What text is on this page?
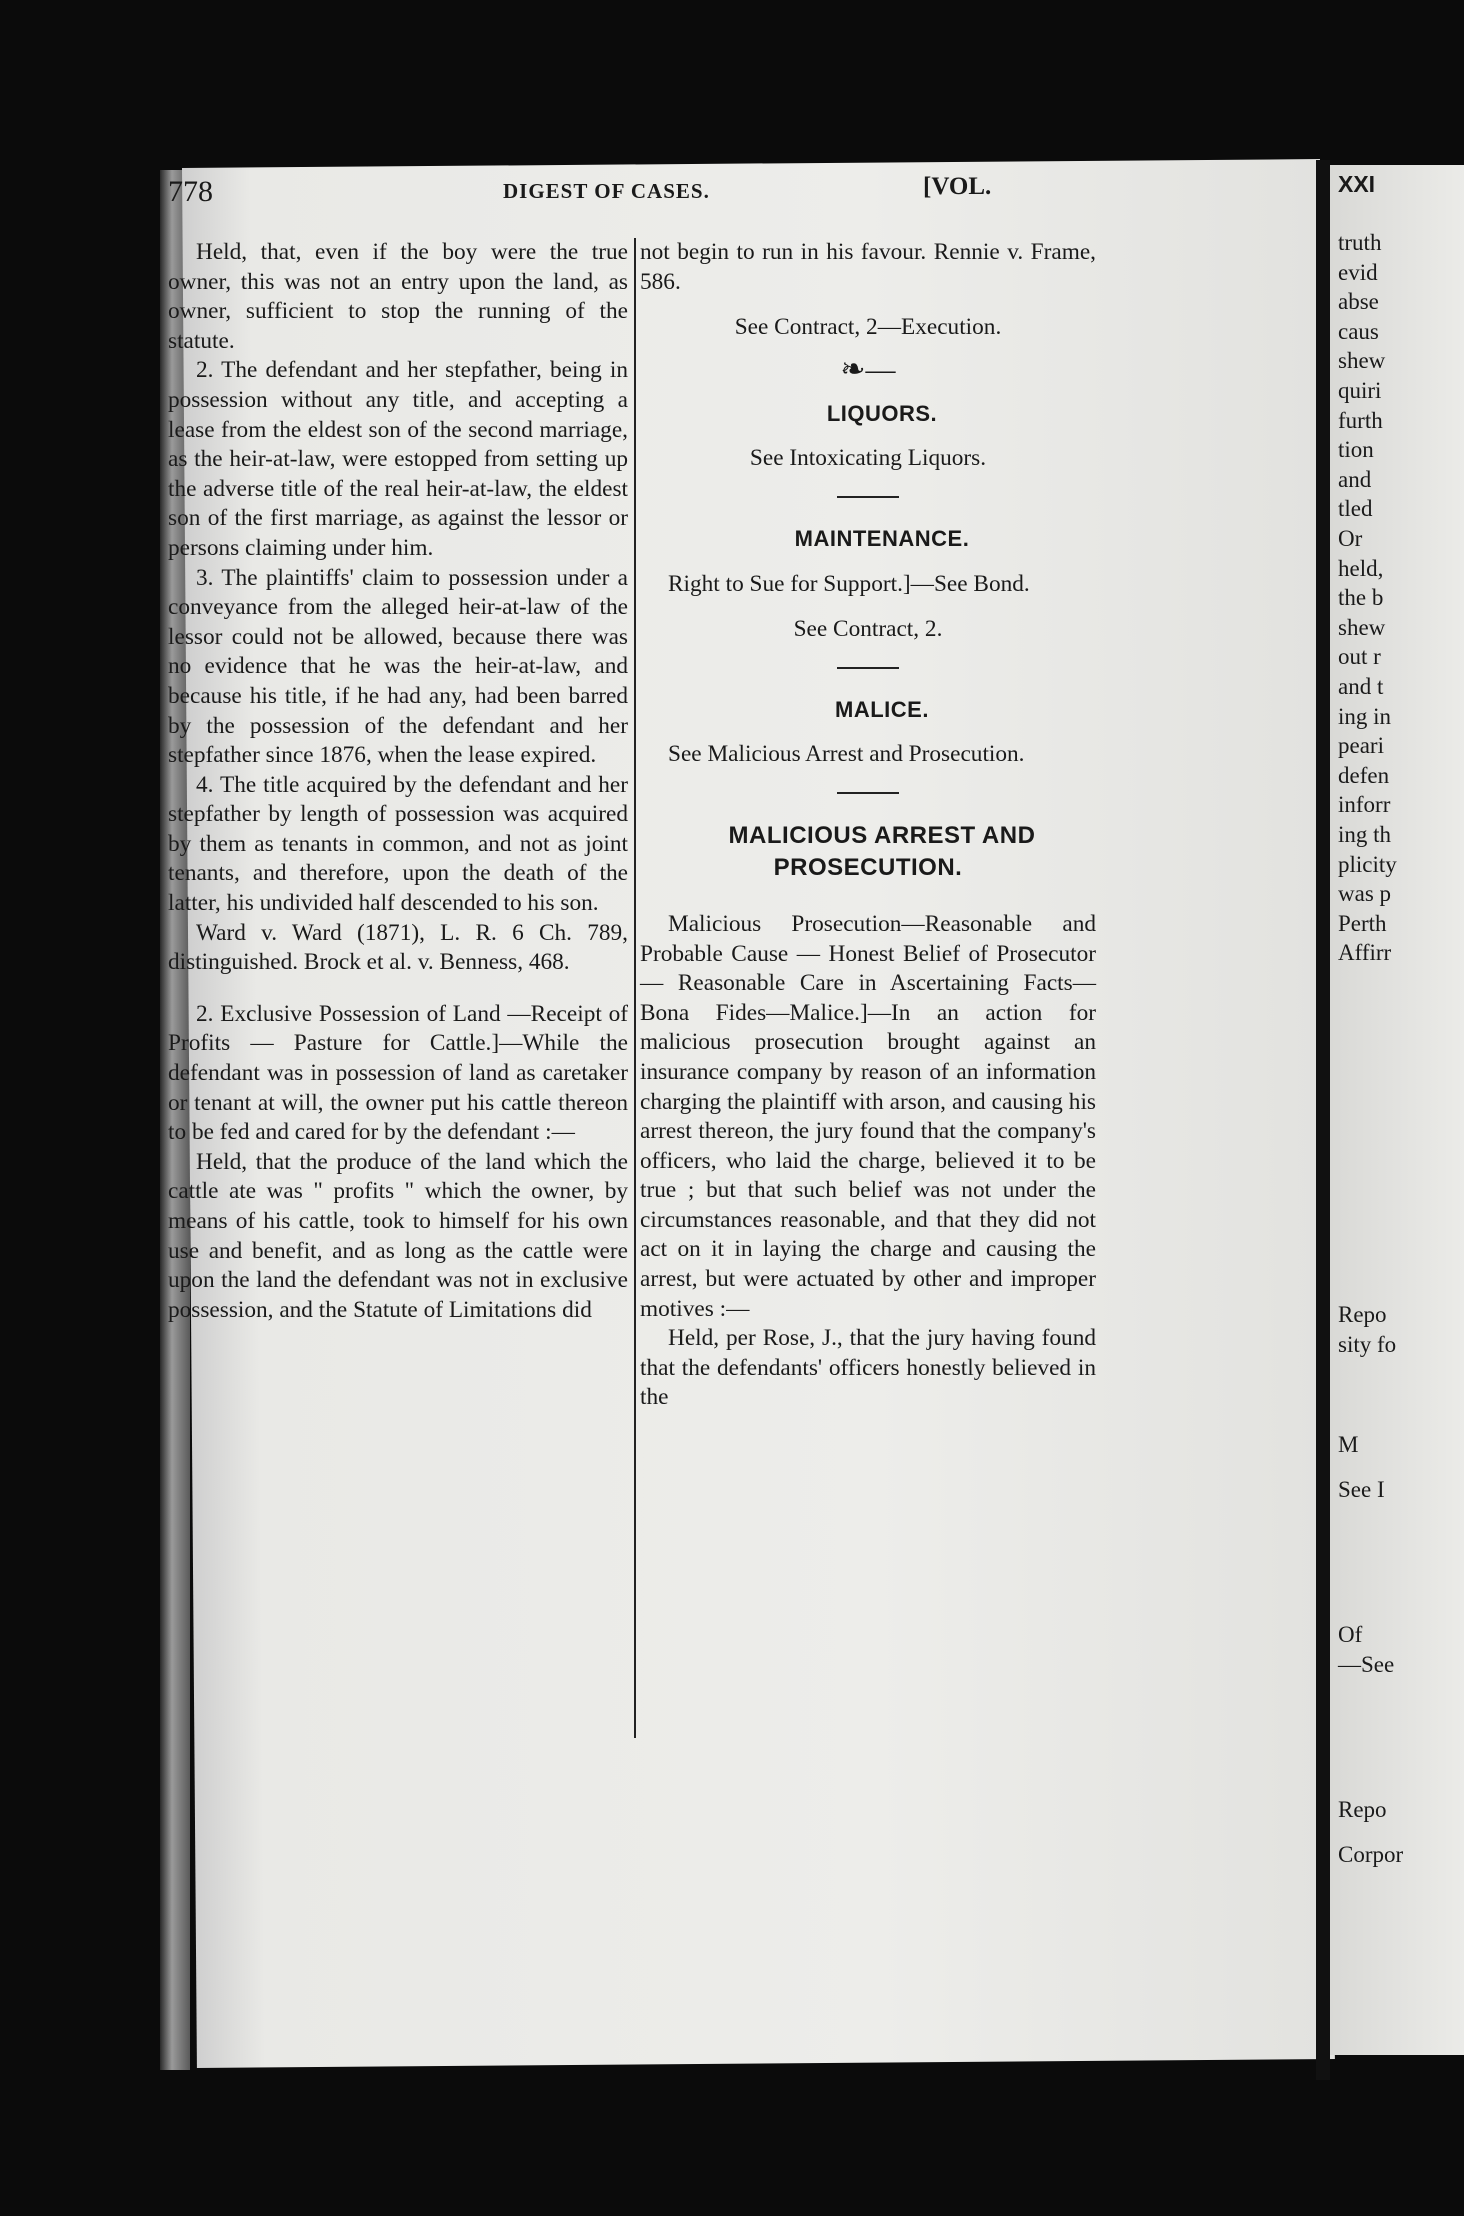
XXI
truth
evid
abse
caus
shew
quiri
furth
tion
and
tled
Or
held,
the b
shew
out r
and t
ing in
peari
defen
inforr
ing th
plicity
was p
Perth
Affirr
Repo
sity fo
M
See I
Of
—See
Repo
Corpor
778	DIGEST OF CASES.	[VOL.

Held, that, even if the boy were the true owner, this was not an entry upon the land, as owner, sufficient to stop the running of the statute.

2. The defendant and her stepfather, being in possession without any title, and accepting a lease from the eldest son of the second marriage, as the heir-at-law, were estopped from setting up the adverse title of the real heir-at-law, the eldest son of the first marriage, as against the lessor or persons claiming under him.

3. The plaintiffs' claim to possession under a conveyance from the alleged heir-at-law of the lessor could not be allowed, because there was no evidence that he was the heir-at-law, and because his title, if he had any, had been barred by the possession of the defendant and her stepfather since 1876, when the lease expired.

4. The title acquired by the defendant and her stepfather by length of possession was acquired by them as tenants in common, and not as joint tenants, and therefore, upon the death of the latter, his undivided half descended to his son.

Ward v. Ward (1871), L. R. 6 Ch. 789, distinguished. Brock et al. v. Benness, 468.

2. Exclusive Possession of Land —Receipt of Profits — Pasture for Cattle.]—While the defendant was in possession of land as caretaker or tenant at will, the owner put his cattle thereon to be fed and cared for by the defendant :—

Held, that the produce of the land which the cattle ate was " profits " which the owner, by means of his cattle, took to himself for his own use and benefit, and as long as the cattle were upon the land the defendant was not in exclusive possession, and the Statute of Limitations did

not begin to run in his favour. Rennie v. Frame, 586.

See Contract, 2—Execution.

❧—

LIQUORS.

See Intoxicating Liquors.

MAINTENANCE.

Right to Sue for Support.]—See Bond.

See Contract, 2.

MALICE.

See Malicious Arrest and Prosecution.

MALICIOUS ARREST AND PROSECUTION.

Malicious Prosecution—Reasonable and Probable Cause — Honest Belief of Prosecutor — Reasonable Care in Ascertaining Facts—Bona Fides—Malice.]—In an action for malicious prosecution brought against an insurance company by reason of an information charging the plaintiff with arson, and causing his arrest thereon, the jury found that the company's officers, who laid the charge, believed it to be true ; but that such belief was not under the circumstances reasonable, and that they did not act on it in laying the charge and causing the arrest, but were actuated by other and improper motives :—

Held, per Rose, J., that the jury having found that the defendants' officers honestly believed in the
